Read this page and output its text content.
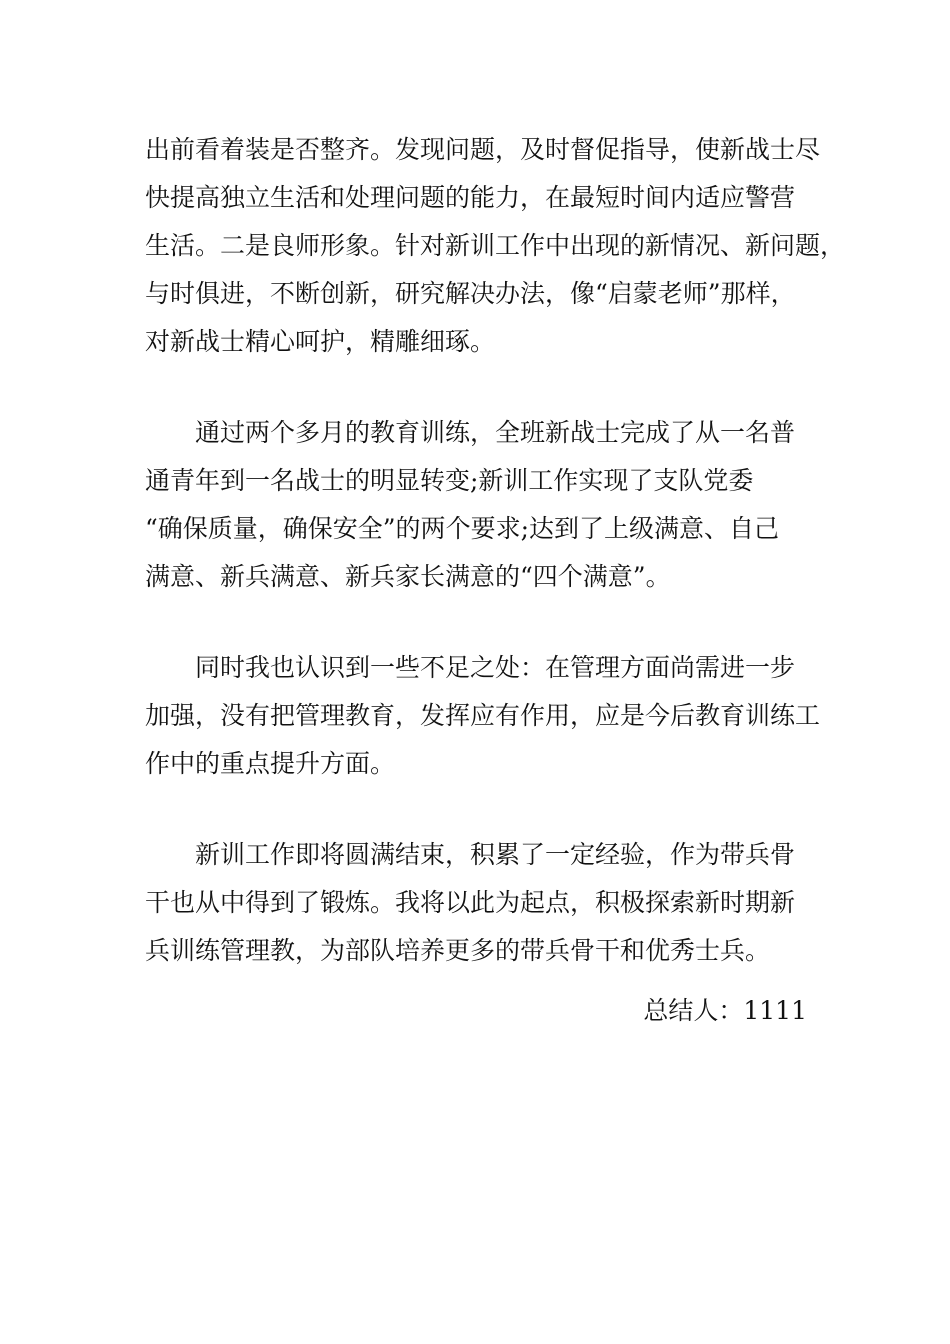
出前看着装是否整齐。发现问题，及时督促指导，使新战士尽
快提高独立生活和处理问题的能力，在最短时间内适应警营
生活。二是良师形象。针对新训工作中出现的新情况、新问题，
与时俱进，不断创新，研究解决办法，像“启蒙老师”那样，
对新战士精心呵护，精雕细琢。
通过两个多月的教育训练，全班新战士完成了从一名普
通青年到一名战士的明显转变;新训工作实现了支队党委
“确保质量，确保安全”的两个要求;达到了上级满意、自己
满意、新兵满意、新兵家长满意的“四个满意”。
同时我也认识到一些不足之处：在管理方面尚需进一步
加强，没有把管理教育，发挥应有作用，应是今后教育训练工
作中的重点提升方面。
新训工作即将圆满结束，积累了一定经验，作为带兵骨
干也从中得到了锻炼。我将以此为起点，积极探索新时期新
兵训练管理教，为部队培养更多的带兵骨干和优秀士兵。
总结人：1111
